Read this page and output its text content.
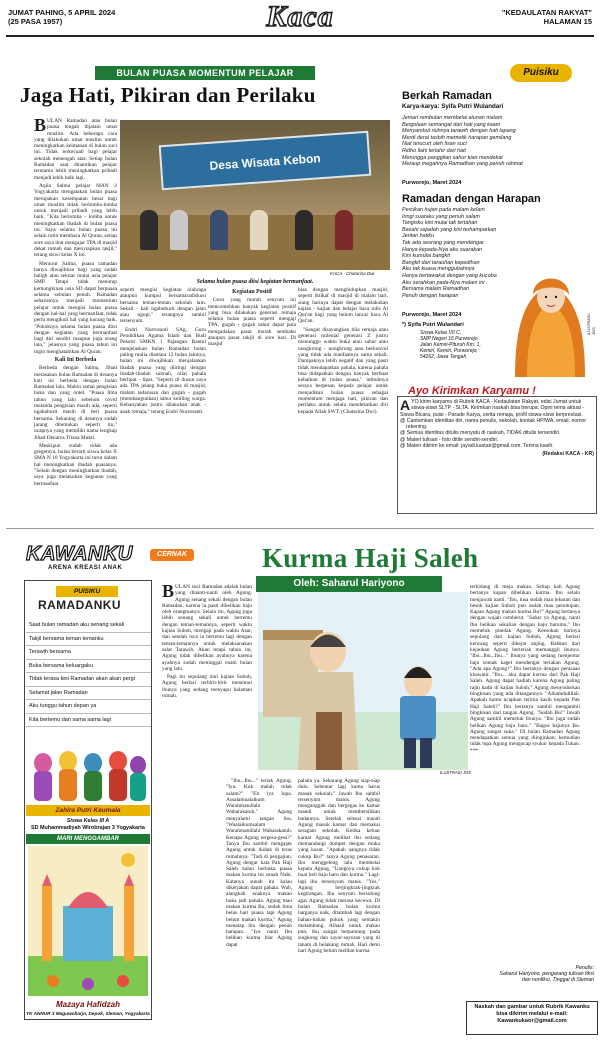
JUMAT PAHING, 5 APRIL 2024
(25 PASA 1957)	Kaca	"KEDAULATAN RAKYAT"
HALAMAN 15
BULAN PUASA MOMENTUM PELAJAR
Jaga Hati, Pikiran dan Perilaku
B ULAN Ramadan atau bulan puasa tengah dijalani umat muslim. Ada beberapa cara yang dilakukan umat muslim untuk meningkatkan keimanan di bulan suci ini. Tidak terkecuali bagi pelajar sekolah menengah atas. Setiap bulan Ramadan saat dinantikan pelajar terutama lebih meningkatkan pribadi menjadi lebih baik lagi.
Aqila Salma pelajar MAN 2 Yogyakarta mengatakan bulan puasa merupakan kesempatan besar bagi umat muslim tidak berlomba-lomba untuk menjadi pribadi yang lebih baik. "Kita berlomba - lomba untuk meningkatkan ibadah di bulan puasa ini. Saya selama bulan puasa ini selain rutin membaca Al Quran, setiap sore saya ikut mengajar TPA di masjid dekat rumah dan menyiapkan takjil," terang siswi kelas X ini.
Menurut Salma, puasa ramadan hanya diwajibkan bagi yang sudah baligh atau sekitar mulai usia pelajar SMP. Tetapi tidak menutup kemungkinan usia SD dapat berpuasa selama sebulan penuh. Ramadan seharusnya menjadi momentum pelajar untuk mengisi bulan puasa dengan hal-hal yang bermanfaat, tidak perlu mengikuti hal yang kurang baik. "Pokoknya selama bulan puasa diisi dengan kegiatan yang bermanfaat bagi diri sendiri maupun juga orang lain," jelasnya yang puasa tahun ini ingin menghatamkan Al Quran.
Kali Ini Berbeda
Berbeda dengan Salma, Jihad merasakan bulan Ramadan di desanya kali ini berbeda dengan bulan Ramadan lalu. Makin ramai pengisian buka dan yang ontel. "Puasa lima tahun yang lalu sebelum covid melanda pengisian masih ada, seperti ngabuburit masih di beri puasa bersama. Sekarang di desanya sudah jarang ditemukan seperti itu," ucapnya yang memiliki nama lengkap Jihad Denarus Trisna Mukti.
Meskipun sudah tidak ada gregetnya, bulan berarti siswa kelas X SMA N 10 Yogyakarta ini turut dalam hal meningkatkan ibadah puasanya. "Selain dengan meningkatkan ibadah, saya juga melakukan kegiatan yang bermanfaat
Desa Wisata Kebon
KACA - Chatarina Dwi
Selama bulan puasa diisi kegiatan bermanfaat.
seperti mengisi kegiatan olahraga ataupun kumpul bersamaradiskusi bersama teman-teman sekolah lain. Sekali - kali ngabuburit dengan jalan atau ngopi," terangnya sambil tersenyum.
Endri Nurrosanti SAg, Guru Pendidikan Agama Islam dan Budi Pekerti SMKN 1 Pajangan Bantul menjelaskan bulan Ramadan bulan paling mulia diantara 12 bulan lainnya, bulan ini diwajibkan menjalankan ibadah puasa yang diiringi dengan ibadah-ibadah sunnah, nilai pahala berlipat - lipat. "Seperti di dusun saya ada TPA jelang buka puasa di masjid, malam tadarusan dan gugah - gugah (membangunkan) sahur keliling warga. Kebanyakan justru dilakukan anak - anak remaja," terang Endri Nurrosanti.
Kegiatan Positif
Guru yang murah senyum ini mencontohkan banyak kegiatan positif yang bisa dilakukan generasi remaja selama bulan puasa seperti mengaji TPA, gugah - gugah sahur dapat pula mengadakan pasar murah sembako ataupun pasar takjil di sore hari. Di masjid
bisa dengan menghidupkan masjid, seperti iktikaf di masjid di malam hari, siang harinya dapat dengan melakukan kajian - kajian dan belajar baca tulis Al Qur'an bagi yang belum lancar baca Al Qur'an.
"Sangat disayangkan bila remaja atau generasi milenial generasi Z justru menunggu waktu buka atau sahur atau nongkrong - nongkrong atau berkonvoi yang tidak ada manfaatnya sama sekali. Dampaknya lebih negatif dan yang pasti tidak mendapatkan pahala, karena pahala bisa didapatkan dengan banyak berbuat kebaikan di bulan puasa," imbuhnya seraya berpesan kepada pelajar untuk menjadikan bulan puasa sebagai momentum menjaga hati, pikiran dan perilaku untuk selalu mendekatkan diri kepada Allah SWT. (Chatarina Dwi)
Puisiku
Berkah Ramadan
Karya-karya: Syifa Putri Wulandari
Jemari rembulan membelai alunan malam
Bergolaan semangat dari hati yang kaam
Menyambut riuhnya tarawih dengan hati lapang
Merdi derai tasbih memetik harapan gemilang
Niat terucurt oleh lisan suci
Ridho ilahi terlahir dari hati
Merungga panggilan sahur kian mendekat
Meraup megahnya Ramadhan yang penuh rahmat
Purworejo, Maret 2024
Ramadan dengan Harapan
Percikan hujan pada malam kelam
Iringi suaraku yang penuh salam
Tangisku kini mulai tak tertahan
Basahi sajadah yang kini terhamparkan
Jeritan hatiku
Tak ada seorang yang mendengar
Hanya kepada-Nya aku suarakan
Kini kumulai bangkit
Bangkit dari tarauhan kepedihan
Aku tak kuasa menggubahnya
Hanya bertawakal dengan yang kucoba
Aku serahkan pada-Nya malam ini
Bersama malam Ramadhan
Penuh dengan harapan
Purworejo, Maret 2024
*) Syifa Putri Wulandari
Siswa Kelas VII C,
SMP Negeri 16 Purworejo
Jalan Kemiri-Pituruh Km. 1,
Kemiri, Kemiri, Purworejo,
54262, Jawa Tengah
ILUSTRASI: JOS
Ayo Kirimkan Karyamu !
AYO kirim karyamu di Rubrik KACA - Kedaulatan Rakyat, edisi Jumat untuk siswa-siswi SLTP - SLTA. Kirimkan naskah bisa berupa: Opini tema aktual - Siswa Bicara, puisi - Parade Karya, cerita remaja, profil siswa-siswi berprestasi.
@ Cantumkan identitas diri, nama penulis, sekolah, kontak HP/WA, email, nomor rekening.
@ Semua identitas ditulis menyatu di naskah, TIDAK ditulis tersendiri.
@ Materi tulisan - foto ditile sendiri-sendiri.
@ Materi dikirim ke email: jayadi.kastari@gmail.com. Terima kasih.
(Redaksi KACA - KR)
KAWANKU
ARENA KREASI ANAK
CERNAK	Kurma Haji Saleh
PUISIKU
RAMADANKU
Saat bulan ramadan aku senang sekali
Takjil bersama teman temanku
Terawih bersama
Buka bersama keluargaku
Tidak terasa kini Ramadan akan akan pergi
Selamat jalan Ramadan
Aku tunggu tahun depan ya
Kita bertemu dan sama sama lagi
Zahira Putri Keumala
Siswa Kelas III A
SD Muhammadiyah Wirobrajan 3 Yogyakarta
MARI MENGGAMBAR
Mazaya Hafidzah
TK ANNUR 3 Maguwoharjo, Depok, Sleman, Yogyakarta
Oleh: Saharul Hariyono
ILUSTRASI JOS
B ULAN suci Ramadan adalah bulan yang dinanti-nanti oleh Agung. Agung senang sekali dengan bulan Ramadan, karena ia pasti dibelikan baju oleh orangtuanya. Selain itu, Agung juga lebih senang sekali untuk bertemu dengan teman-temannya, seperti waktu kajian Subuh, mengaji pada waktu Asar, dan setelah isya ia bertemu lagi dengan teman-temannya untuk melaksanakan salat Tarawih. Akan tetapi tahun ini, Agung tidak dibelikan ayahnya karena ayahnya sudah meninggal enam bulan yang lalu.
Pagi itu sepulang dari kajian Subuh, Agung berlari terbirit-birit menemui ibunya yang sedang menyapu halaman rumah.
"Ibu...Ibu..." teriak Agung. "Iya. Kok malah tidak salam?" "Eh iya lupa. Assalamualaikum Warahmatullahi Wabarakatuh," Agung menyalami tangan ibu. "Waalaikumsalam Warahmatullahi Wabarakatuh. Kenapa Agung tergesa-gesa?" Tanya Ibu sambil mengajak Agung untuk duduk di teras rumahnya. "Tadi di pengajian, Agung dengar kata Pak Haji Saleh kalau berbuka puasa makan kurma itu sunah Nabi. Katanya sunah itu kalau dikerjakan dapat pahala. Wah, alangkah enaknya makan buka jadi pahala. Agung mau makan kurma Bu, sudah lima belas hari puasa tapi Agung belum makan kurma," Agung menatap ibu dengan penuh harapan. "Iya nanti Ibu belikan kurma biar Agung dapat
pahala ya. Sekarang Agung siap-siap dulu. Sebentar lagi kamu harus masuk sekolah." Jawab Ibu sambil tersenyum manis. Agung mengangguk dan bergegas ke kamar mandi untuk membersihkan badannya. Setelah selesai mandi Agung masuk kamar dan memakai seragam sekolah. Ketika keluar kamar Agung melihat ibu sedang memandangi dompet dengan muka yang kusut. "Apakah uangnya tidak cukup Bu?" tanya Agung penasaran. Ibu menggeleng lalu membelai kepala Agung, "Uangnya cukup kok buat beli baju baru dan kurma." Lagi-lagi ibu tersenyum manis. "Yes." Agung berjingkrak-jingkrak kegirangan. Ibu senyum bersolong agar Agung tidak merasa kecewa. Di bulan Ramadan bulan kurma harganya naik, ditambah lagi dengan bahan-bahan pokok yang semakin melambung. Alhasil untuk makan pun, ibu sangat berpantang pada singkong dan sayur-sayuran yang di tanam di belakang rumah. Hari demi hari Agung belum melihat kurma
terhidang di meja makan. Setiap kali Agung bertanya kapan dibelikan kurma. Ibu selalu menjawab nanti. "Ibu, lusa sudah mau lebaran dan besok kajian Subuh pun sudah mau penutupan. Kapan Agung makan kurma Bu?" Agung bertanya dengan wajah cemberut. "Sabar ya Agung, nanti Ibu belikan sekalian dengan baju barumu," Ibu memeluk pundak Agung. Keesokan harinya sepulang dari kajian Subuh, Agung berlari kencang seperti dikejar anjing. Bahkan dari kejauhan Agung berteriak memanggil ibunya. "Ibu...Ibu...Ibu..." Ibunya yang sedang menjemur baju sontak kaget mendengar teriakan Agung. "Ada apa Agung?" Ibu bertanya dengan perasaan khawatir. "Ibu... aku dapat kurma dari Pak Haji Saleh. Agung dapat hadiah karena Agung paling rajin hadir di kajian Subuh," Agung menyodorkan bingkisan yang ada ditangannya. "Alhamdulillah. Apakah kamu ucapkan terima kasih kepada Pak Haji Saleh?" Ibu bertanya sambil mengambil bingkisan dari tangan Agung. "Sudah Bu!" Jawab Agung sambil memeluk ibunya. "Ibu juga sudah belikan Agung baju baru." "Bagus bajunya Bu. Agung sangat suka." Di bulan Ramadan Agung mendapatkan semua yang diinginkan; kemudian tidak lupa Agung mengucap syukur kepada Tuhan. ***
Penulis:
Saharul Hariyono, pengarang tulisan fiksi dan nonfiksi. Tinggal di Sleman
Naskah dan gambar untuk Rubrik Kawanku
bisa dikirim melalui e-mail:
Kawankukaor@gmail.com
